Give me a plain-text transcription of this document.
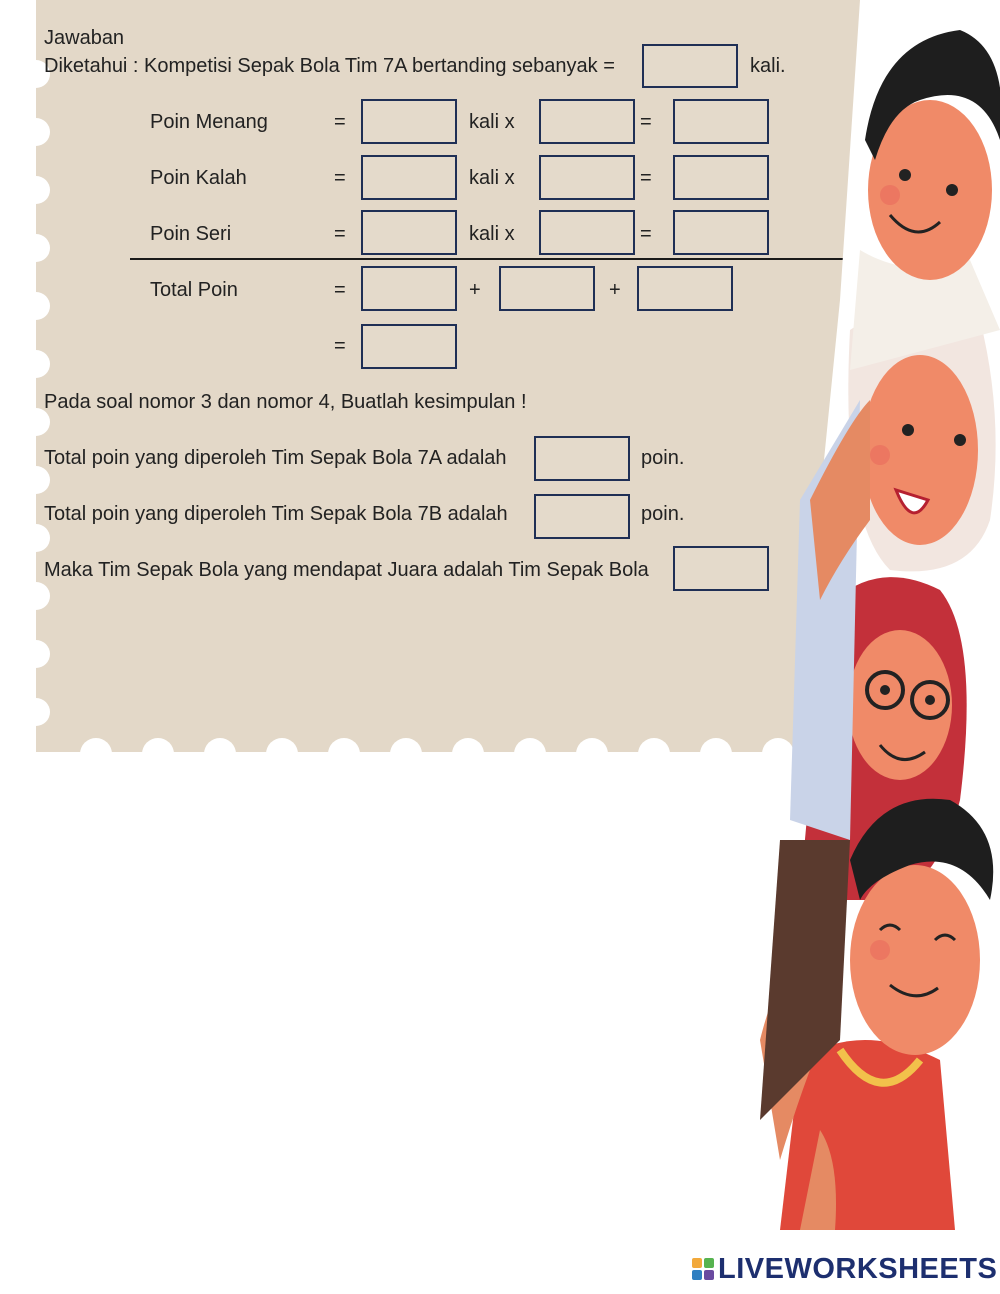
Jawaban
Diketahui : Kompetisi Sepak Bola Tim 7A bertanding sebanyak =	kali.
Poin Menang	=	kali x	=
Poin Kalah	=	kali x	=
Poin Seri	=	kali x	=
Total Poin	=	+	+
=
Pada soal nomor 3 dan nomor 4, Buatlah kesimpulan !
Total poin yang diperoleh Tim Sepak Bola 7A adalah	poin.
Total poin yang diperoleh Tim Sepak Bola 7B adalah	poin.
Maka Tim Sepak Bola yang mendapat Juara adalah Tim Sepak Bola
LIVEWORKSHEETS
